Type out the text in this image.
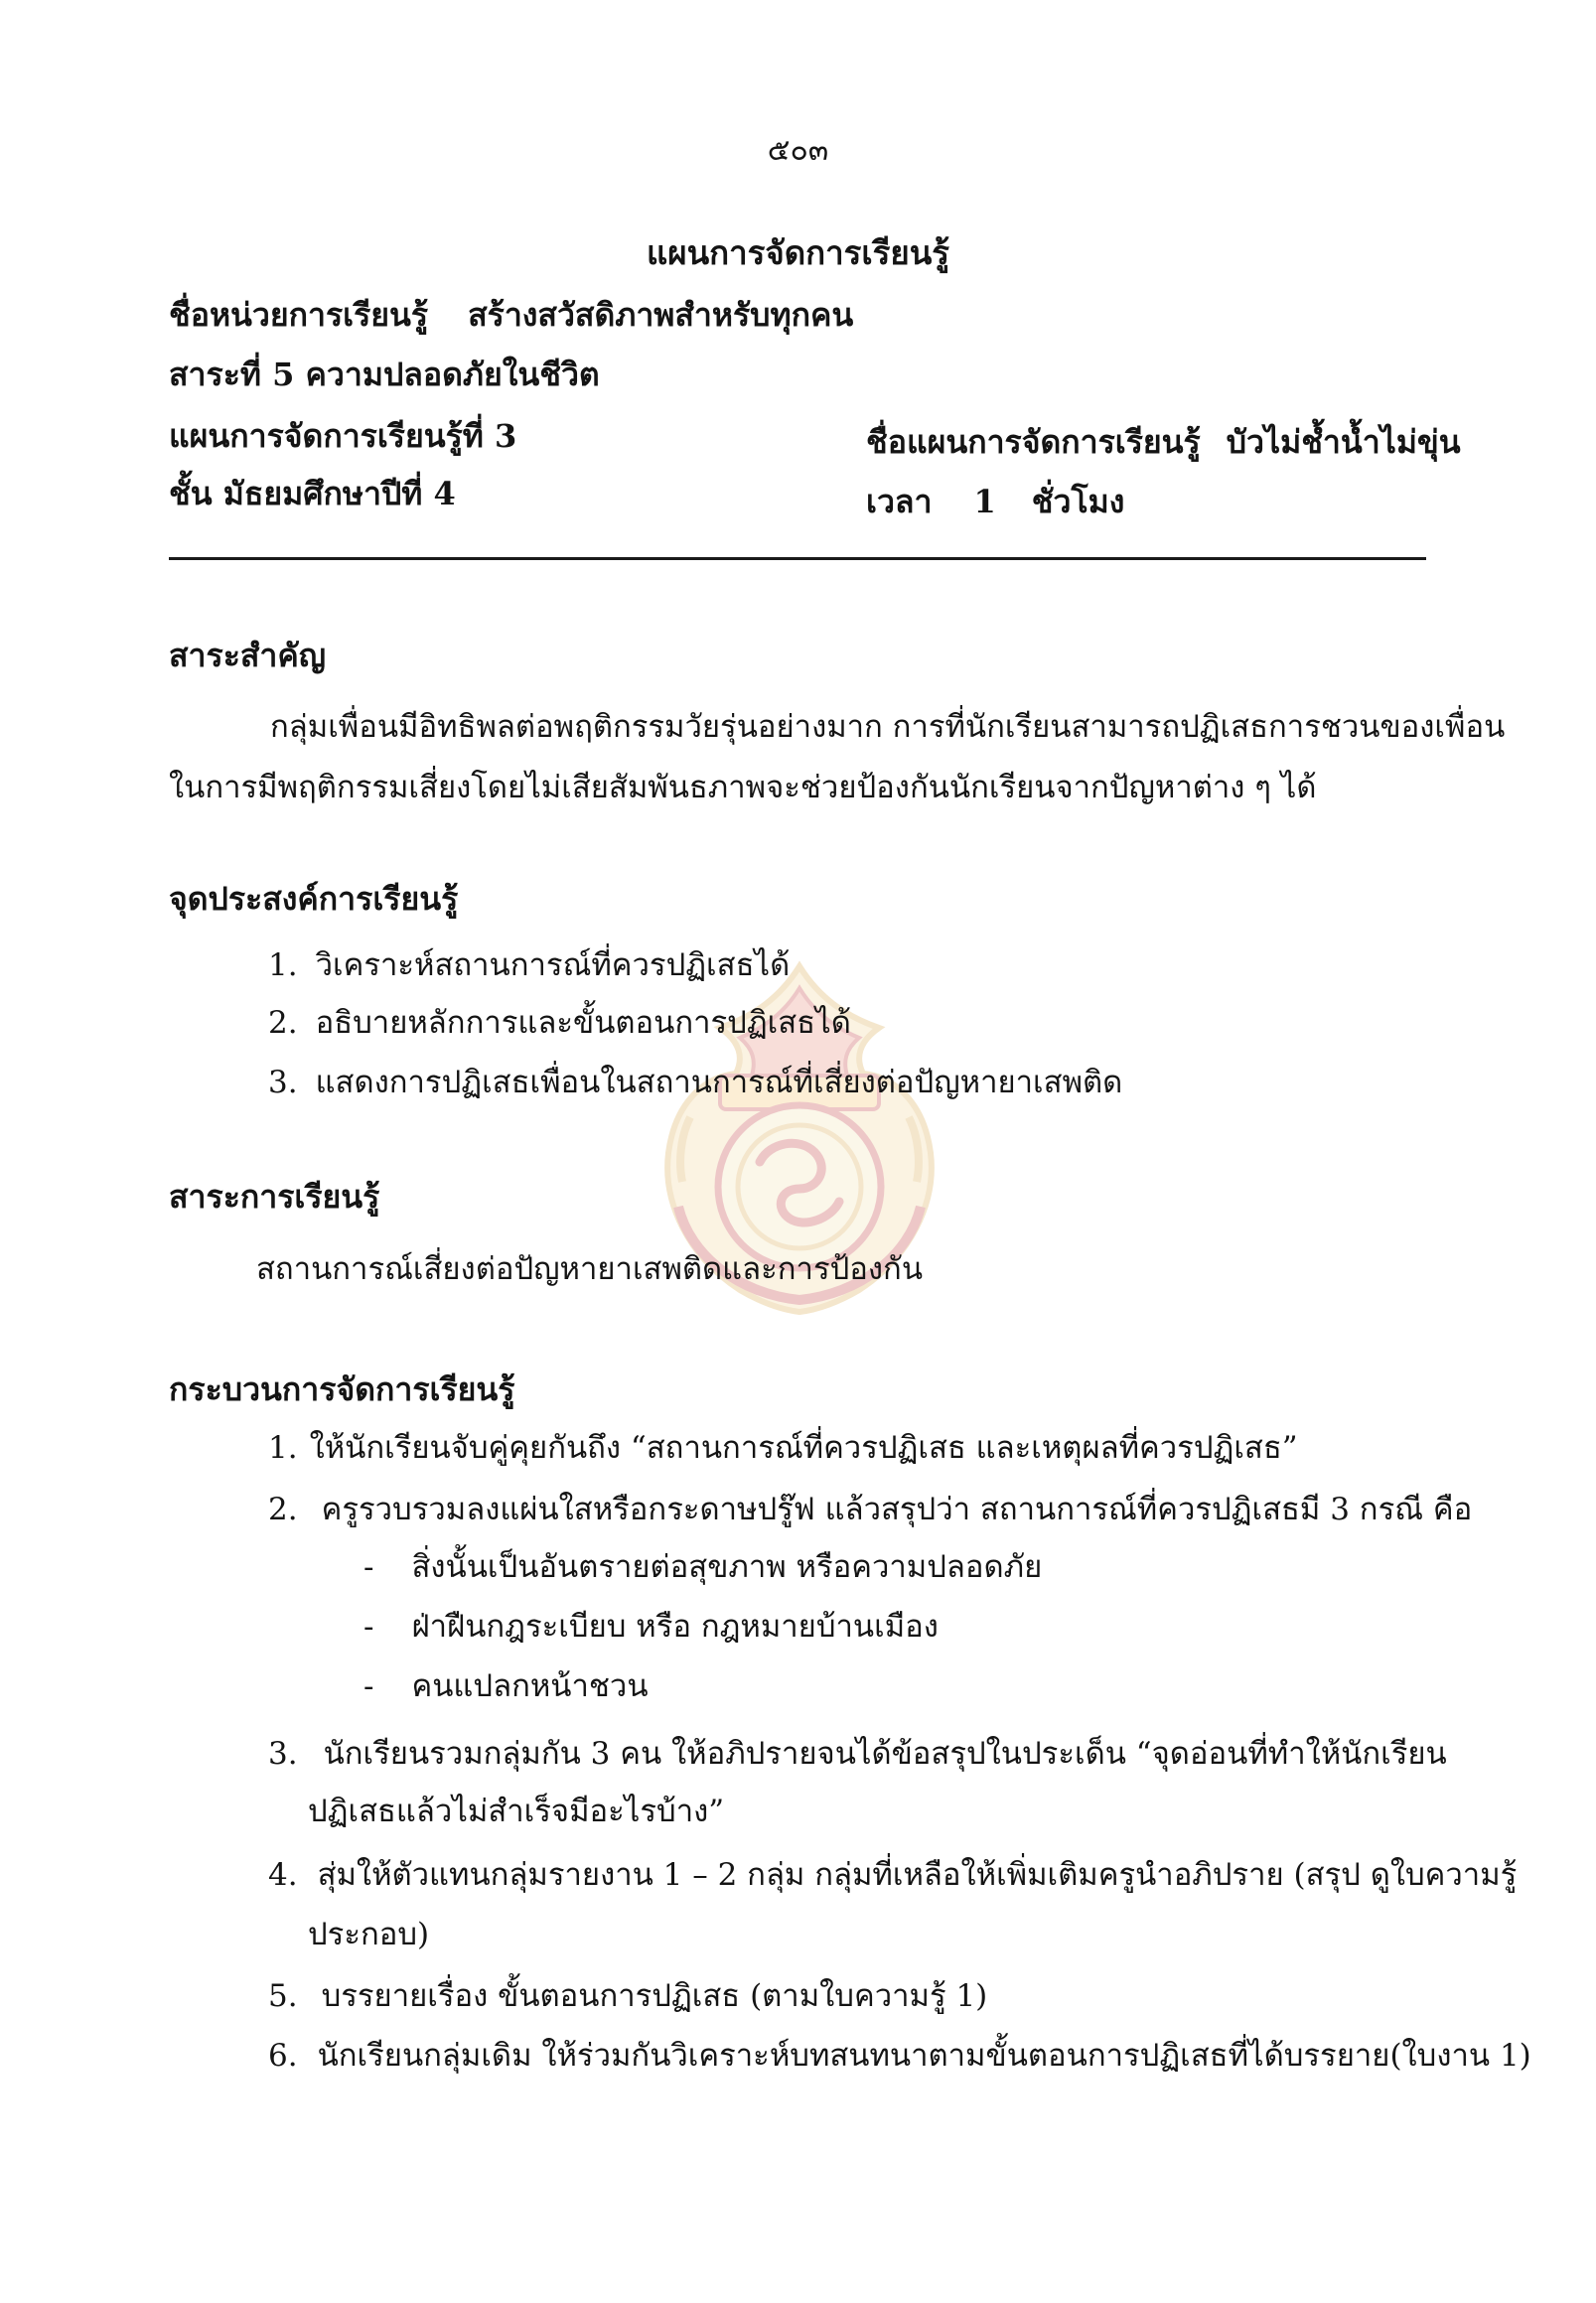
๕๐๓
แผนการจัดการเรียนรู้
ชื่อหน่วยการเรียนรู้ สร้างสวัสดิภาพสำหรับทุกคน
สาระที่ 5 ความปลอดภัยในชีวิต
แผนการจัดการเรียนรู้ที่ 3	ชื่อแผนการจัดการเรียนรู้ บัวไม่ช้ำน้ำไม่ขุ่น
ชั้น มัธยมศึกษาปีที่ 4	เวลา 1 ชั่วโมง
สาระสำคัญ
กลุ่มเพื่อนมีอิทธิพลต่อพฤติกรรมวัยรุ่นอย่างมาก การที่นักเรียนสามารถปฏิเสธการชวนของเพื่อน
ในการมีพฤติกรรมเสี่ยงโดยไม่เสียสัมพันธภาพจะช่วยป้องกันนักเรียนจากปัญหาต่าง ๆ ได้
จุดประสงค์การเรียนรู้
1. วิเคราะห์สถานการณ์ที่ควรปฏิเสธได้
2. อธิบายหลักการและขั้นตอนการปฏิเสธได้
3. แสดงการปฏิเสธเพื่อนในสถานการณ์ที่เสี่ยงต่อปัญหายาเสพติด
สาระการเรียนรู้
สถานการณ์เสี่ยงต่อปัญหายาเสพติดและการป้องกัน
กระบวนการจัดการเรียนรู้
1. ให้นักเรียนจับคู่คุยกันถึง “สถานการณ์ที่ควรปฏิเสธ และเหตุผลที่ควรปฏิเสธ”
2. ครูรวบรวมลงแผ่นใสหรือกระดาษปรู๊ฟ แล้วสรุปว่า สถานการณ์ที่ควรปฏิเสธมี 3 กรณี คือ
- สิ่งนั้นเป็นอันตรายต่อสุขภาพ หรือความปลอดภัย
- ฝ่าฝืนกฎระเบียบ หรือ กฎหมายบ้านเมือง
- คนแปลกหน้าชวน
3. นักเรียนรวมกลุ่มกัน 3 คน ให้อภิปรายจนได้ข้อสรุปในประเด็น “จุดอ่อนที่ทำให้นักเรียน
ปฏิเสธแล้วไม่สำเร็จมีอะไรบ้าง”
4. สุ่มให้ตัวแทนกลุ่มรายงาน 1 – 2 กลุ่ม กลุ่มที่เหลือให้เพิ่มเติมครูนำอภิปราย (สรุป ดูใบความรู้
ประกอบ)
5. บรรยายเรื่อง ขั้นตอนการปฏิเสธ (ตามใบความรู้ 1)
6. นักเรียนกลุ่มเดิม ให้ร่วมกันวิเคราะห์บทสนทนาตามขั้นตอนการปฏิเสธที่ได้บรรยาย(ใบงาน 1)
